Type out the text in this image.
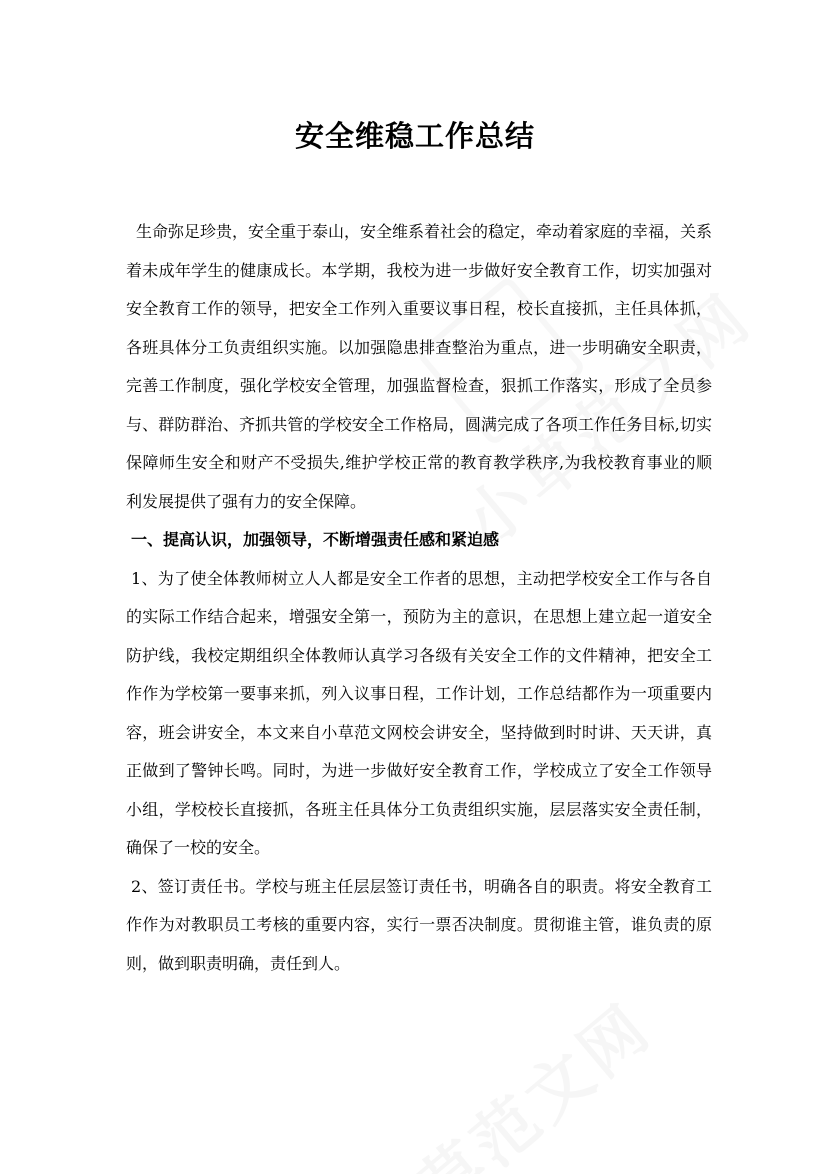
安全维稳工作总结

生命弥足珍贵，安全重于泰山，安全维系着社会的稳定，牵动着家庭的幸福，关系着未成年学生的健康成长。本学期，我校为进一步做好安全教育工作，切实加强对安全教育工作的领导，把安全工作列入重要议事日程，校长直接抓，主任具体抓，各班具体分工负责组织实施。以加强隐患排查整治为重点，进一步明确安全职责，完善工作制度，强化学校安全管理，加强监督检查，狠抓工作落实，形成了全员参与、群防群治、齐抓共管的学校安全工作格局，圆满完成了各项工作任务目标,切实保障师生安全和财产不受损失,维护学校正常的教育教学秩序,为我校教育事业的顺利发展提供了强有力的安全保障。

一、提高认识，加强领导，不断增强责任感和紧迫感

1、为了使全体教师树立人人都是安全工作者的思想，主动把学校安全工作与各自的实际工作结合起来，增强安全第一，预防为主的意识，在思想上建立起一道安全防护线，我校定期组织全体教师认真学习各级有关安全工作的文件精神，把安全工作作为学校第一要事来抓，列入议事日程，工作计划，工作总结都作为一项重要内容，班会讲安全，本文来自小草范文网校会讲安全，坚持做到时时讲、天天讲，真正做到了警钟长鸣。同时，为进一步做好安全教育工作，学校成立了安全工作领导小组，学校校长直接抓，各班主任具体分工负责组织实施，层层落实安全责任制，确保了一校的安全。

2、签订责任书。学校与班主任层层签订责任书，明确各自的职责。将安全教育工作作为对教职员工考核的重要内容，实行一票否决制度。贯彻谁主管，谁负责的原则，做到职责明确，责任到人。
